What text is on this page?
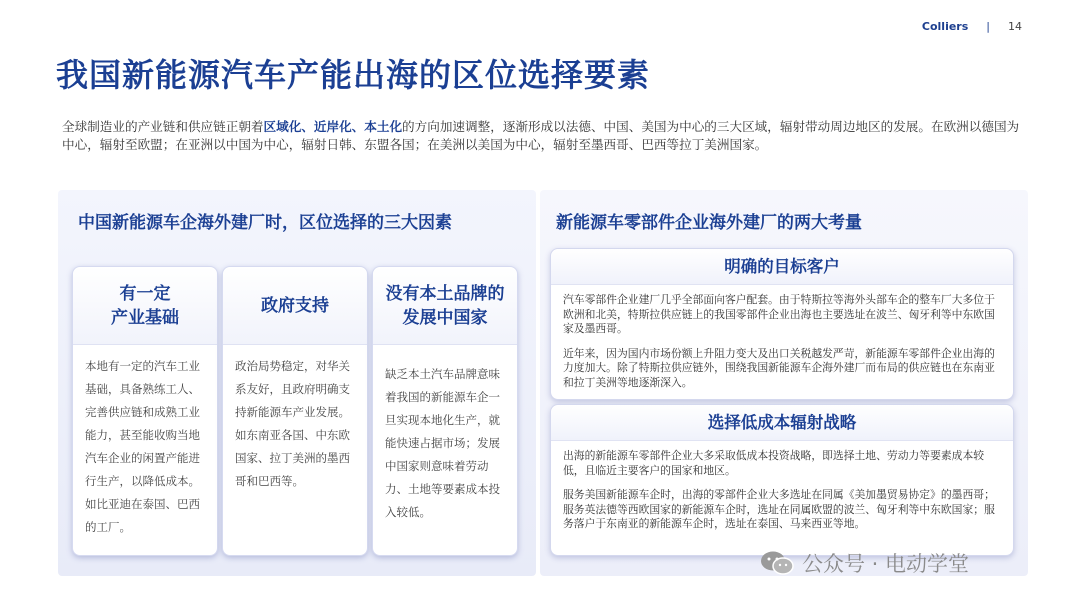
Colliers | 14
我国新能源汽车产能出海的区位选择要素

全球制造业的产业链和供应链正朝着区域化、近岸化、本土化的方向加速调整，逐渐形成以法德、中国、美国为中心的三大区域，辐射带动周边地区的发展。在欧洲以德国为中心，辐射至欧盟；在亚洲以中国为中心，辐射日韩、东盟各国；在美洲以美国为中心，辐射至墨西哥、巴西等拉丁美洲国家。

中国新能源车企海外建厂时，区位选择的三大因素
有一定
产业基础
本地有一定的汽车工业基础，具备熟练工人、完善供应链和成熟工业能力，甚至能收购当地汽车企业的闲置产能进行生产，以降低成本。如比亚迪在泰国、巴西的工厂。
政府支持
政治局势稳定，对华关系友好，且政府明确支持新能源车产业发展。如东南亚各国、中东欧国家、拉丁美洲的墨西哥和巴西等。
没有本土品牌的
发展中国家
缺乏本土汽车品牌意味着我国的新能源车企一旦实现本地化生产，就能快速占据市场；发展中国家则意味着劳动力、土地等要素成本投入较低。
新能源车零部件企业海外建厂的两大考量
明确的目标客户

汽车零部件企业建厂几乎全部面向客户配套。由于特斯拉等海外头部车企的整车厂大多位于欧洲和北美，特斯拉供应链上的我国零部件企业出海也主要选址在波兰、匈牙利等中东欧国家及墨西哥。

近年来，因为国内市场份额上升阻力变大及出口关税越发严苛，新能源车零部件企业出海的力度加大。除了特斯拉供应链外，围绕我国新能源车企海外建厂而布局的供应链也在东南亚和拉丁美洲等地逐渐深入。

选择低成本辐射战略

出海的新能源车零部件企业大多采取低成本投资战略，即选择土地、劳动力等要素成本较低，且临近主要客户的国家和地区。

服务美国新能源车企时，出海的零部件企业大多选址在同属《美加墨贸易协定》的墨西哥；服务英法德等西欧国家的新能源车企时，选址在同属欧盟的波兰、匈牙利等中东欧国家；服务落户于东南亚的新能源车企时，选址在泰国、马来西亚等地。

公众号 · 电动学堂
